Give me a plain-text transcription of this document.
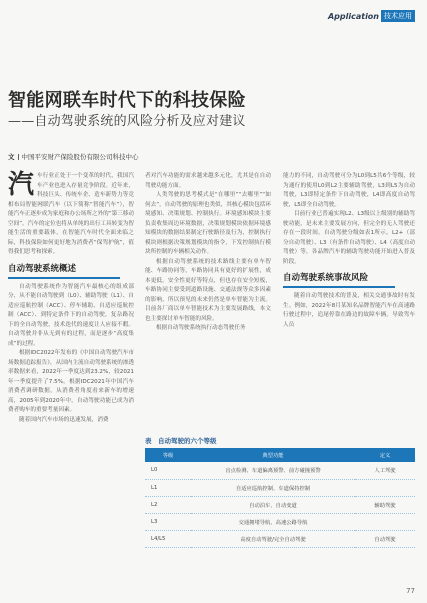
Application 技术应用
智能网联车时代下的科技保险
——自动驾驶系统的风险分析及应对建议
文 中国平安财产保险股份有限公司科技中心

汽车行业正处于一个变革的时代，我国汽车产业也进入存量竞争阶段。近年来，科技巨头、传统车企、造车新势力等竞相布局智能网联汽车（以下简称“智能汽车”），智能汽车正逐步成为家庭和办公场所之外的“第三移动空间”。汽车的定位也将从单纯的出行工具转变为智能生活的重要载体，在智能汽车时代全面来临之际，科技保险如何更好地为消费者“保驾护航”，值得我们思考和探索。

自动驾驶系统概述

自动驾驶系统作为智能汽车最核心的组成部分，从不能自动驾驶到（L0）、辅助驾驶（L1）、自适应巡航控制（ACC）、停车辅助、自适应巡航控制（ACC）、到特定条件下的自动驾驶，复杂路况下的全自动驾驶，技术迭代的速度让人应接不暇。自动驾驶并非从无到有的过程，而是逐步“高度集成”的过程。

根据IDC2022年发布的《中国自动驾驶汽车市场数据追踪报告》，从国内主流自动驾驶系统的渗透率数据来看，2022年一季度达到23.2%，较2021年一季度提升了7.5%。根据IDC2021年中国汽车消费者调研数据，从消费者角度看来新车的增速高，2005年到2020年中，自动驾驶功能已成为消费者购车的重要考量因素。

随着国内汽车市场的迅速发展，消费

者对汽车功能的需求越来越多元化，尤其是在自动驾驶功能方面。

人类驾驶的思考模式是“在哪里”“去哪里”“如何去”，自动驾驶的原理也类似，其核心模块包括环境感知、决策规划、控制执行。环境感知模块主要负责收集周边环境数据，决策规划模块依据环境感知模块的数据结果制定行驶路径及行为，控制执行模块则根据决策规划模块的指令，下发控制执行模块所控制的车辆相关动作。

根据自动驾驶系统的技术路线主要有单车智能、车路协同等，车路协同具有更好的扩展性，成本更低。安全性更好等特点，但也存在安全短板，车路协同主要受到道路设施、交通法规等众多因素的影响，所以预见的未来仍然是单车智能为主流。目前各厂商以单车智能技术为主要发展路线，本文也主要探讨单车智能的风险。

根据自动驾驶系统执行动态驾驶任务

能力的不同，自动驾驶可分为L0到L5共6个等级，较为通行的使用L0到L2主要辅助驾驶，L3到L5为自动驾驶，L3即特定条件下自动驾驶，L4即高度自动驾驶，L5即全自动驾驶。

目前行业已普遍实现L2、L3级以上级别的辅助驾驶功能，是未来主要发展方向，但完全的无人驾驶还存在一段时间。自动驾驶分级如表1所示，L2+（部分自动驾驶）、L3（有条件自动驾驶）、L4（高度自动驾驶）等，各品牌汽车的辅助驾驶功能开始进入普及阶段。

自动驾驶系统事故风险

随着自动驾驶技术的普及，相关交通事故时有发生。例如，2022年8月某知名品牌智能汽车在高速路行驶过程中，追尾停靠在路边的故障车辆。导致驾车人员

表　自动驾驶的六个等级
等级	典型功能	定义
L0	盲点检测、车道偏离预警、前方碰撞预警	人工驾驶
L1	自适应巡航控制、车道保持控制	
L2	自动泊车、自动变道	辅助驾驶
L3	交通拥堵导航、高速公路导航	
L4/L5	高度自动驾驶/完全自动驾驶	自动驾驶
77
